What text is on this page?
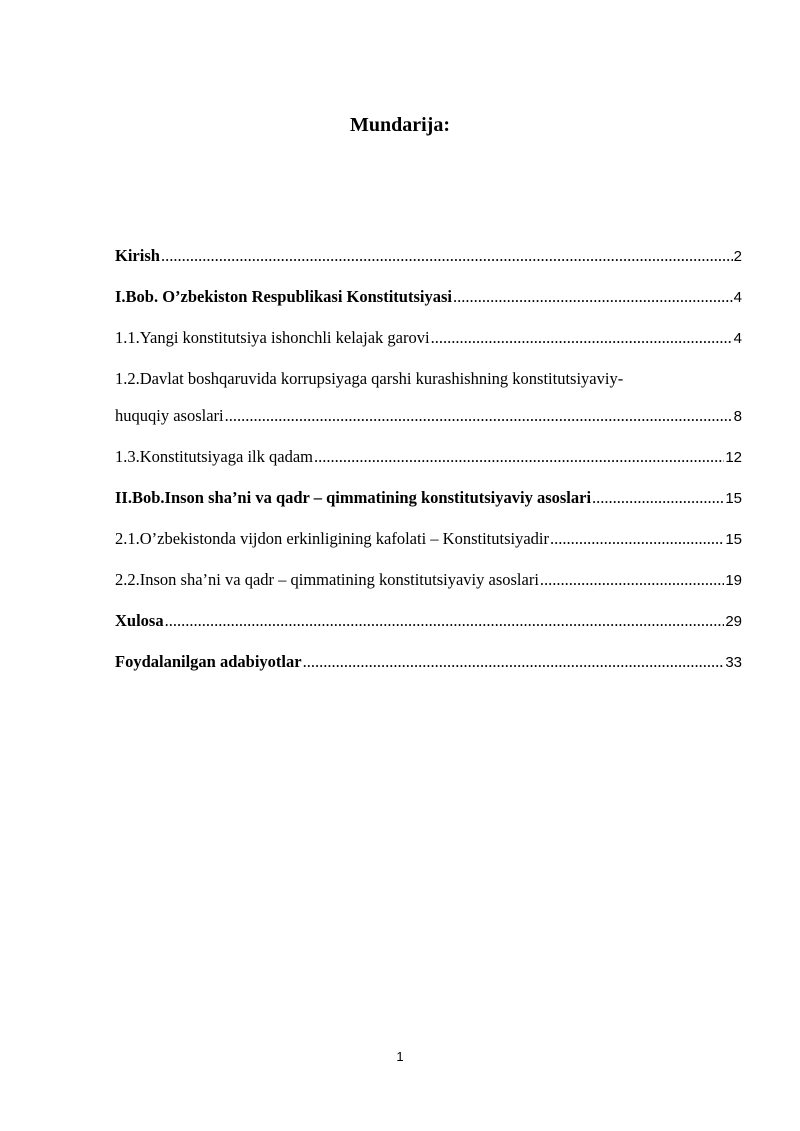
Mundarija:
Kirish .....	2
I.Bob. O’zbekiston Respublikasi Konstitutsiyasi .....	4
1.1.Yangi konstitutsiya ishonchli kelajak garovi .....	4
1.2.Davlat boshqaruvida korrupsiyaga qarshi kurashishning konstitutsiyaviy-
huquqiy asoslari .....	8
1.3.Konstitutsiyaga ilk qadam .....	12
II.Bob.Inson sha’ni va qadr – qimmatining konstitutsiyaviy asoslari .....	15
2.1.O’zbekistonda vijdon erkinligining kafolati – Konstitutsiyadir .....	15
2.2.Inson sha’ni va qadr – qimmatining konstitutsiyaviy asoslari .....	19
Xulosa .....	29
Foydalanilgan adabiyotlar .....	33
1
